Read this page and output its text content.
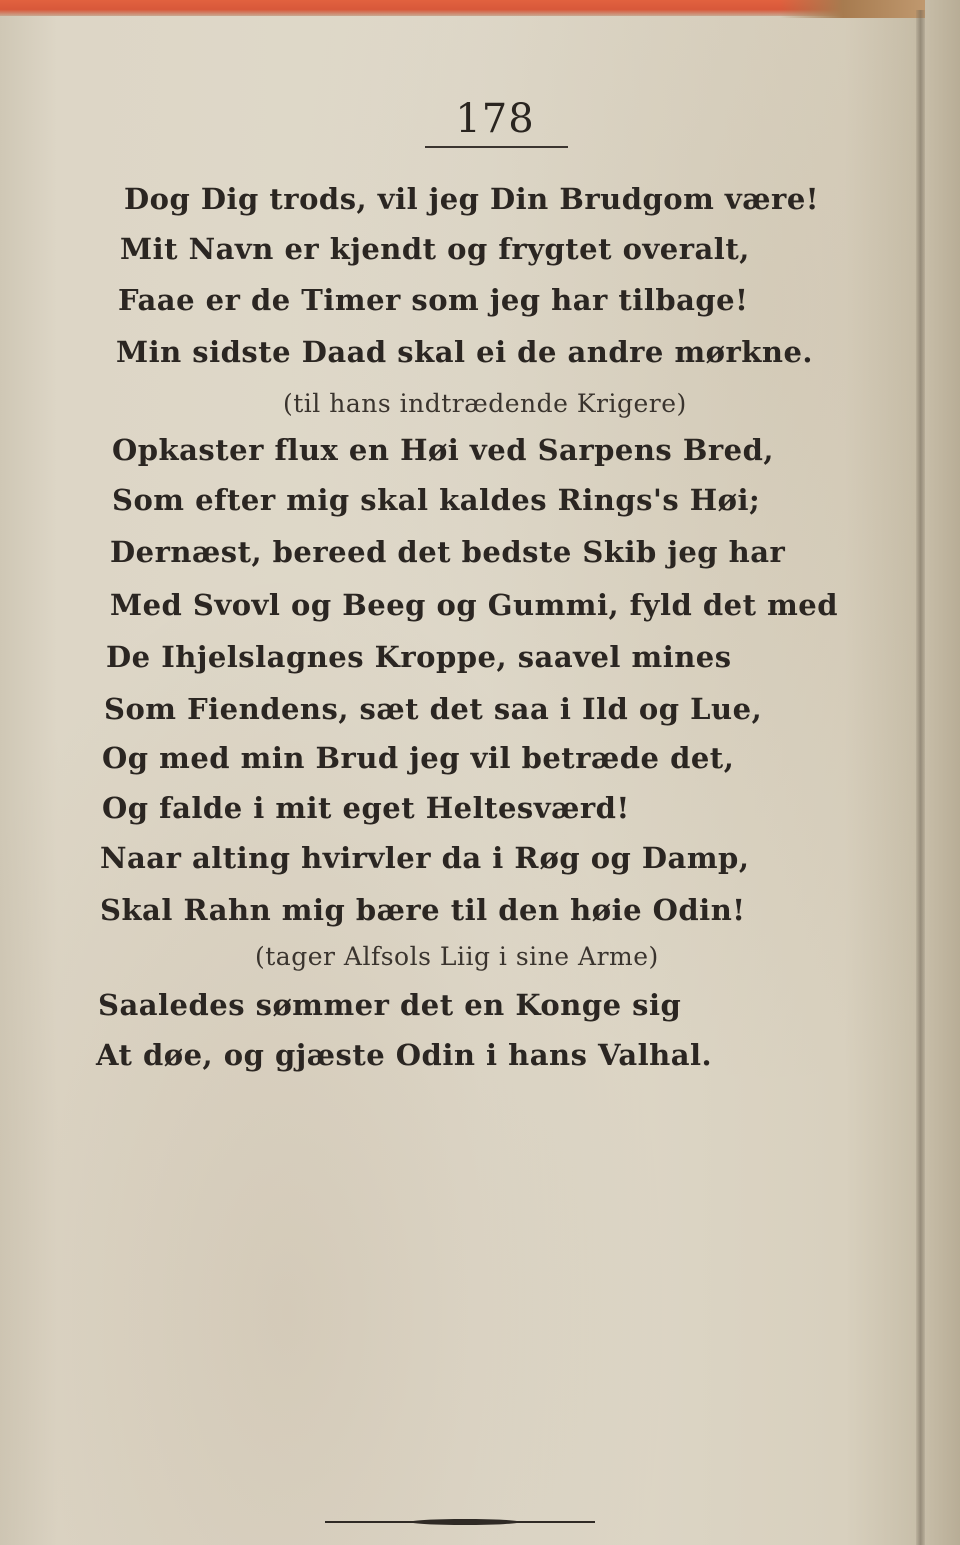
178
Dog Dig trods, vil jeg Din Brudgom være!
Mit Navn er kjendt og frygtet overalt,
Faae er de Timer som jeg har tilbage!
Min sidste Daad skal ei de andre mørkne.
(til hans indtrædende Krigere)
Opkaster flux en Høi ved Sarpens Bred,
Som efter mig skal kaldes Rings's Høi;
Dernæst, bereed det bedste Skib jeg har
Med Svovl og Beeg og Gummi, fyld det med
De Ihjelslagnes Kroppe, saavel mines
Som Fiendens, sæt det saa i Ild og Lue,
Og med min Brud jeg vil betræde det,
Og falde i mit eget Heltesværd!
Naar alting hvirvler da i Røg og Damp,
Skal Rahn mig bære til den høie Odin!
(tager Alfsols Liig i sine Arme)
Saaledes sømmer det en Konge sig
At døe, og gjæste Odin i hans Valhal.
